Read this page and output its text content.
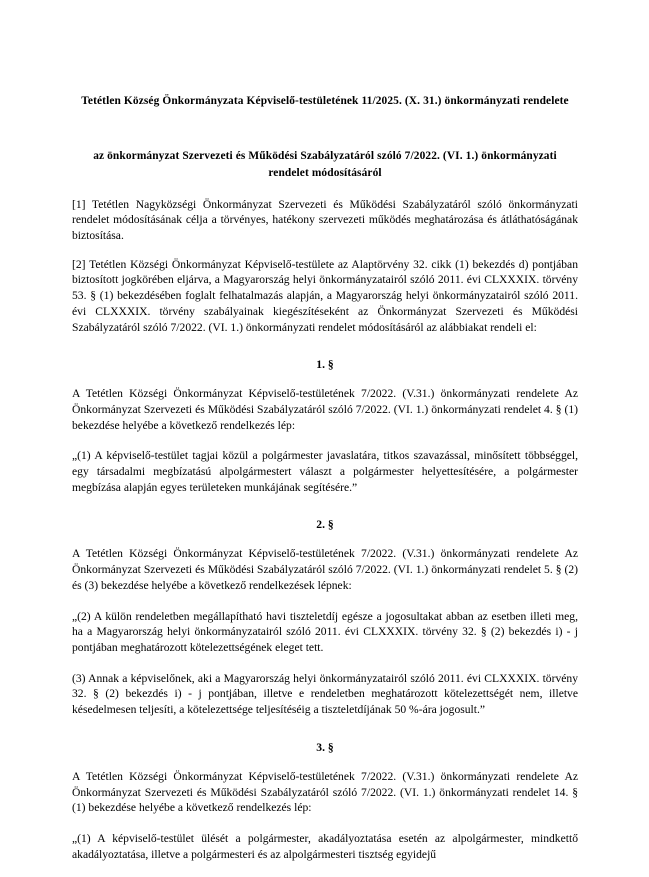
Tetétlen Község Önkormányzata Képviselő-testületének 11/2025. (X. 31.) önkormányzati rendelete
az önkormányzat Szervezeti és Működési Szabályzatáról szóló 7/2022. (VI. 1.) önkormányzati rendelet módosításáról

[1] Tetétlen Nagyközségi Önkormányzat Szervezeti és Működési Szabályzatáról szóló önkormányzati rendelet módosításának célja a törvényes, hatékony szervezeti működés meghatározása és átláthatóságának biztosítása.

[2] Tetétlen Községi Önkormányzat Képviselő-testülete az Alaptörvény 32. cikk (1) bekezdés d) pontjában biztosított jogkörében eljárva, a Magyarország helyi önkormányzatairól szóló 2011. évi CLXXXIX. törvény 53. § (1) bekezdésében foglalt felhatalmazás alapján, a Magyarország helyi önkormányzatairól szóló 2011. évi CLXXXIX. törvény szabályainak kiegészítéseként az Önkormányzat Szervezeti és Működési Szabályzatáról szóló 7/2022. (VI. 1.) önkormányzati rendelet módosításáról az alábbiakat rendeli el:

1. §

A Tetétlen Községi Önkormányzat Képviselő-testületének 7/2022. (V.31.) önkormányzati rendelete Az Önkormányzat Szervezeti és Működési Szabályzatáról szóló 7/2022. (VI. 1.) önkormányzati rendelet 4. § (1) bekezdése helyébe a következő rendelkezés lép:

„(1) A képviselő-testület tagjai közül a polgármester javaslatára, titkos szavazással, minősített többséggel, egy társadalmi megbízatású alpolgármestert választ a polgármester helyettesítésére, a polgármester megbízása alapján egyes területeken munkájának segítésére.”

2. §

A Tetétlen Községi Önkormányzat Képviselő-testületének 7/2022. (V.31.) önkormányzati rendelete Az Önkormányzat Szervezeti és Működési Szabályzatáról szóló 7/2022. (VI. 1.) önkormányzati rendelet 5. § (2) és (3) bekezdése helyébe a következő rendelkezések lépnek:

„(2) A külön rendeletben megállapítható havi tiszteletdíj egésze a jogosultakat abban az esetben illeti meg, ha a Magyarország helyi önkormányzatairól szóló 2011. évi CLXXXIX. törvény 32. § (2) bekezdés i) - j pontjában meghatározott kötelezettségének eleget tett.

(3) Annak a képviselőnek, aki a Magyarország helyi önkormányzatairól szóló 2011. évi CLXXXIX. törvény 32. § (2) bekezdés i) - j pontjában, illetve e rendeletben meghatározott kötelezettségét nem, illetve késedelmesen teljesíti, a kötelezettsége teljesítéséig a tiszteletdíjának 50 %-ára jogosult.”

3. §

A Tetétlen Községi Önkormányzat Képviselő-testületének 7/2022. (V.31.) önkormányzati rendelete Az Önkormányzat Szervezeti és Működési Szabályzatáról szóló 7/2022. (VI. 1.) önkormányzati rendelet 14. § (1) bekezdése helyébe a következő rendelkezés lép:

„(1) A képviselő-testület ülését a polgármester, akadályoztatása esetén az alpolgármester, mindkettő akadályoztatása, illetve a polgármesteri és az alpolgármesteri tisztség egyidejű
